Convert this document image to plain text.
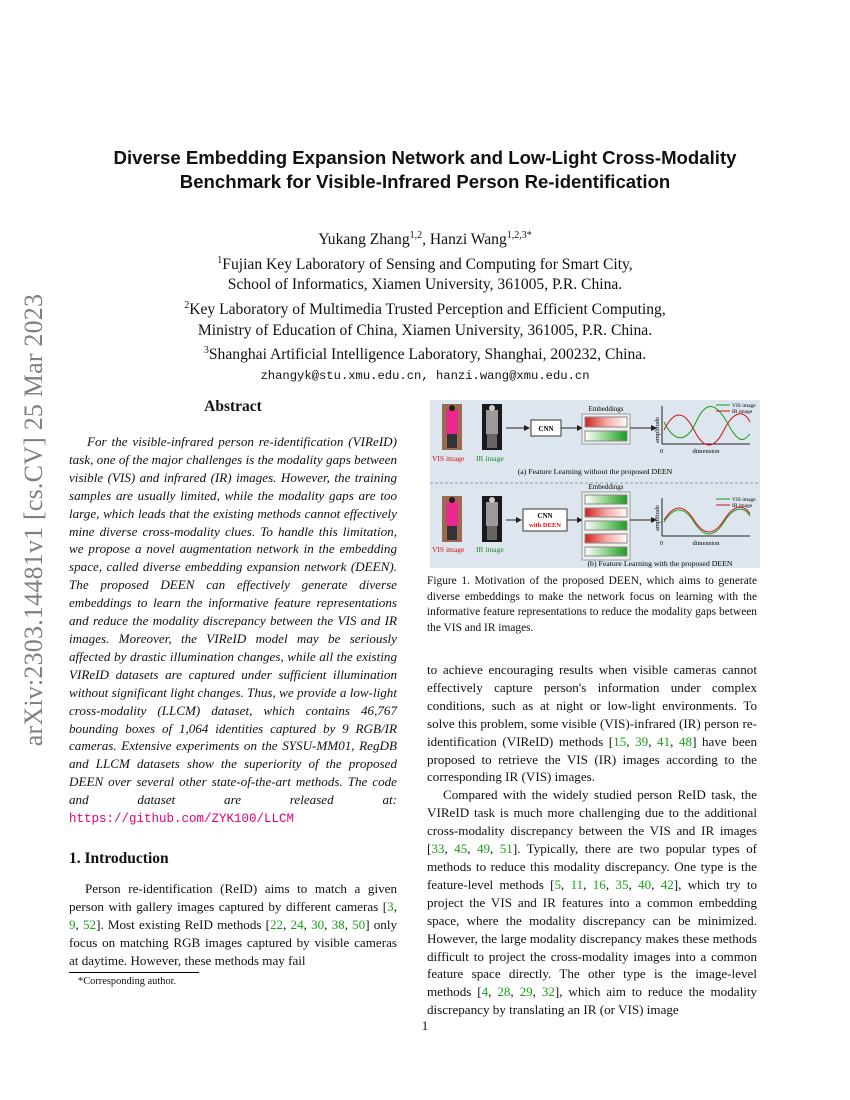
arXiv:2303.14481v1 [cs.CV] 25 Mar 2023
Diverse Embedding Expansion Network and Low-Light Cross-Modality
Benchmark for Visible-Infrared Person Re-identification
Yukang Zhang$^{1,2}$, Hanzi Wang$^{1,2,3*}$
$^1$Fujian Key Laboratory of Sensing and Computing for Smart City,
School of Informatics, Xiamen University, 361005, P.R. China.
$^2$Key Laboratory of Multimedia Trusted Perception and Efficient Computing,
Ministry of Education of China, Xiamen University, 361005, P.R. China.
$^3$Shanghai Artificial Intelligence Laboratory, Shanghai, 200232, China.
zhangyk@stu.xmu.edu.cn, hanzi.wang@xmu.edu.cn
Abstract

For the visible-infrared person re-identification (VIReID) task, one of the major challenges is the modality gaps between visible (VIS) and infrared (IR) images. However, the training samples are usually limited, while the modality gaps are too large, which leads that the existing methods cannot effectively mine diverse cross-modality clues. To handle this limitation, we propose a novel augmentation network in the embedding space, called diverse embedding expansion network (DEEN). The proposed DEEN can effectively generate diverse embeddings to learn the informative feature representations and reduce the modality discrepancy between the VIS and IR images. Moreover, the VIReID model may be seriously affected by drastic illumination changes, while all the existing VIReID datasets are captured under sufficient illumination without significant light changes. Thus, we provide a low-light cross-modality (LLCM) dataset, which contains 46,767 bounding boxes of 1,064 identities captured by 9 RGB/IR cameras. Extensive experiments on the SYSU-MM01, RegDB and LLCM datasets show the superiority of the proposed DEEN over several other state-of-the-art methods. The code and dataset are released at: https://github.com/ZYK100/LLCM

1. Introduction

Person re-identification (ReID) aims to match a given person with gallery images captured by different cameras [3, 9, 52]. Most existing ReID methods [22, 24, 30, 38, 50] only focus on matching RGB images captured by visible cameras at daytime. However, these methods may fail

*Corresponding author.
VIS image IR image
CNN
Embeddings
amplitude
0	dimension
VIS image
IR image
(a) Feature Learning without the proposed DEEN
VIS image IR image
CNN
with DEEN
Embeddings
amplitude
0	dimension
VIS image
IR image
(b) Feature Learning with the proposed DEEN
Figure 1. Motivation of the proposed DEEN, which aims to generate diverse embeddings to make the network focus on learning with the informative feature representations to reduce the modality gaps between the VIS and IR images.

to achieve encouraging results when visible cameras cannot effectively capture person's information under complex conditions, such as at night or low-light environments. To solve this problem, some visible (VIS)-infrared (IR) person re-identification (VIReID) methods [15, 39, 41, 48] have been proposed to retrieve the VIS (IR) images according to the corresponding IR (VIS) images.

Compared with the widely studied person ReID task, the VIReID task is much more challenging due to the additional cross-modality discrepancy between the VIS and IR images [33, 45, 49, 51]. Typically, there are two popular types of methods to reduce this modality discrepancy. One type is the feature-level methods [5, 11, 16, 35, 40, 42], which try to project the VIS and IR features into a common embedding space, where the modality discrepancy can be minimized. However, the large modality discrepancy makes these methods difficult to project the cross-modality images into a common feature space directly. The other type is the image-level methods [4, 28, 29, 32], which aim to reduce the modality discrepancy by translating an IR (or VIS) image

1
